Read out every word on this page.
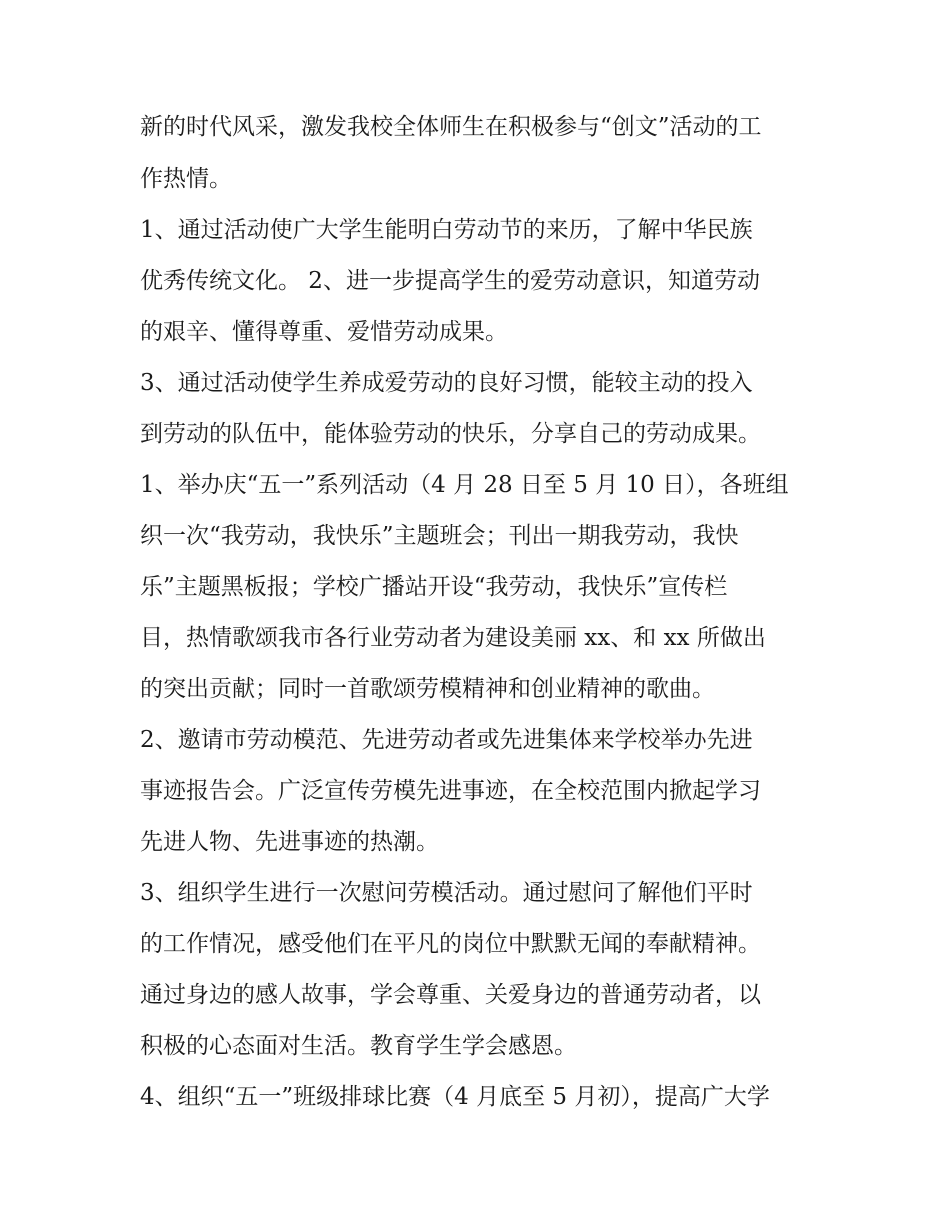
新的时代风采，激发我校全体师生在积极参与“创文”活动的工
作热情。
1、通过活动使广大学生能明白劳动节的来历，了解中华民族
优秀传统文化。 2、进一步提高学生的爱劳动意识，知道劳动
的艰辛、懂得尊重、爱惜劳动成果。
3、通过活动使学生养成爱劳动的良好习惯，能较主动的投入
到劳动的队伍中，能体验劳动的快乐，分享自己的劳动成果。
1、举办庆“五一”系列活动（4 月 28 日至 5 月 10 日），各班组
织一次“我劳动，我快乐”主题班会；刊出一期我劳动，我快
乐”主题黑板报；学校广播站开设“我劳动，我快乐”宣传栏
目，热情歌颂我市各行业劳动者为建设美丽 xx、和 xx 所做出
的突出贡献；同时一首歌颂劳模精神和创业精神的歌曲。
2、邀请市劳动模范、先进劳动者或先进集体来学校举办先进
事迹报告会。广泛宣传劳模先进事迹，在全校范围内掀起学习
先进人物、先进事迹的热潮。
3、组织学生进行一次慰问劳模活动。通过慰问了解他们平时
的工作情况，感受他们在平凡的岗位中默默无闻的奉献精神。
通过身边的感人故事，学会尊重、关爱身边的普通劳动者，以
积极的心态面对生活。教育学生学会感恩。
4、组织“五一”班级排球比赛（4 月底至 5 月初），提高广大学
